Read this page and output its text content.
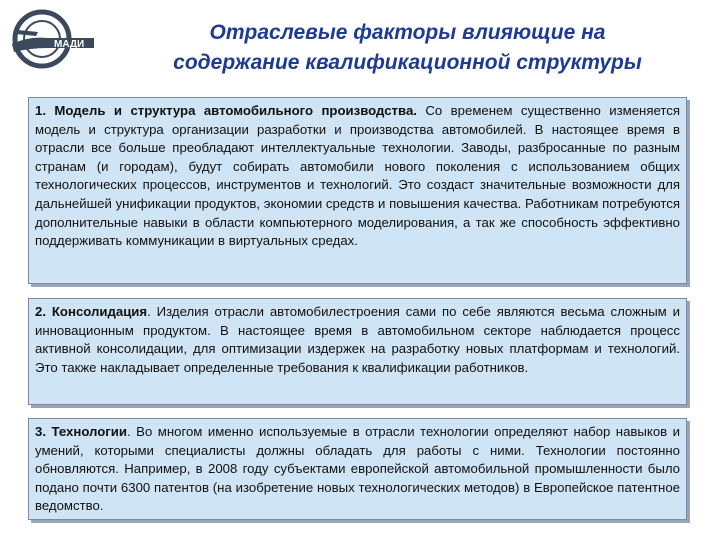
МАДИ
Отраслевые факторы влияющие на
содержание квалификационной структуры
1. Модель и структура автомобильного производства. Со временем существенно изменяется модель и структура организации разработки и производства автомобилей. В настоящее время в отрасли все больше преобладают интеллектуальные технологии. Заводы, разбросанные по разным странам (и городам), будут собирать автомобили нового поколения с использованием общих технологических процессов, инструментов и технологий. Это создаст значительные возможности для дальнейшей унификации продуктов, экономии средств и повышения качества. Работникам потребуются дополнительные навыки в области компьютерного моделирования, а так же способность эффективно поддерживать коммуникации в виртуальных средах.
2. Консолидация. Изделия отрасли автомобилестроения сами по себе являются весьма сложным и инновационным продуктом. В настоящее время в автомобильном секторе наблюдается процесс активной консолидации, для оптимизации издержек на разработку новых платформам и технологий. Это также накладывает определенные требования к квалификации работников.
3. Технологии. Во многом именно используемые в отрасли технологии определяют набор навыков и умений, которыми специалисты должны обладать для работы с ними. Технологии постоянно обновляются. Например, в 2008 году субъектами европейской автомобильной промышленности было подано почти 6300 патентов (на изобретение новых технологических методов) в Европейское патентное ведомство.
